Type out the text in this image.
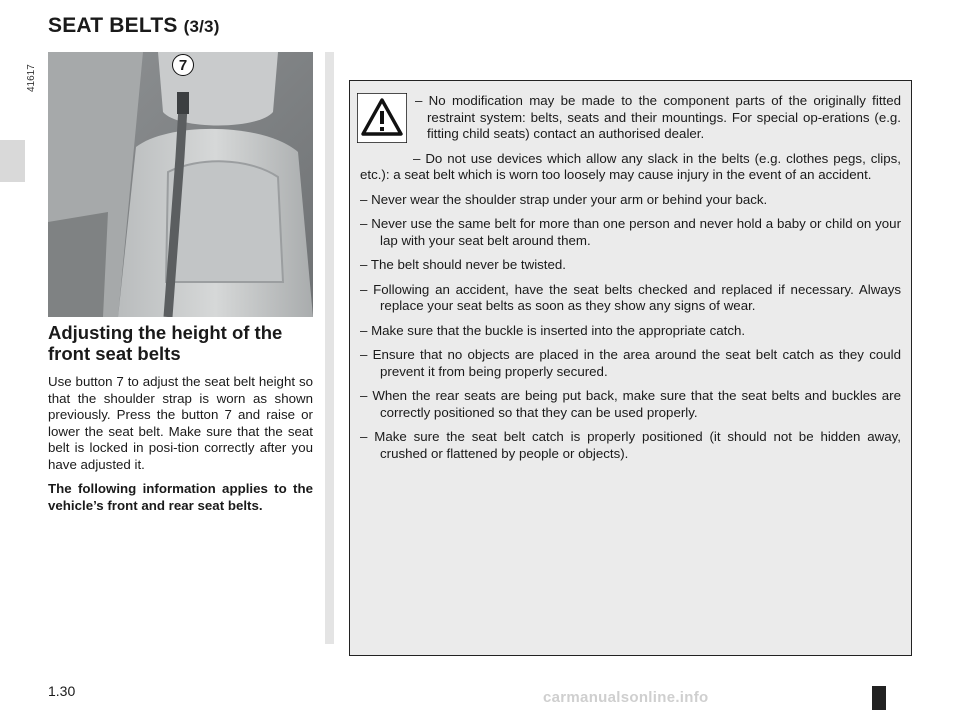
SEAT BELTS (3/3)
41617	7
Adjusting the height of the front seat belts
Use button 7 to adjust the seat belt height so that the shoulder strap is worn as shown previously. Press the button 7 and raise or lower the seat belt. Make sure that the seat belt is locked in posi-tion correctly after you have adjusted it.
The following information applies to the vehicle’s front and rear seat belts.
– No modification may be made to the component parts of the originally fitted restraint system: belts, seats and their mountings. For special op-erations (e.g. fitting child seats) contact an authorised dealer.
– Do not use devices which allow any slack in the belts (e.g. clothes pegs, clips, etc.): a seat belt which is worn too loosely may cause injury in the event of an accident.
– Never wear the shoulder strap under your arm or behind your back.
– Never use the same belt for more than one person and never hold a baby or child on your lap with your seat belt around them.
– The belt should never be twisted.
– Following an accident, have the seat belts checked and replaced if necessary. Always replace your seat belts as soon as they show any signs of wear.
– Make sure that the buckle is inserted into the appropriate catch.
– Ensure that no objects are placed in the area around the seat belt catch as they could prevent it from being properly secured.
– When the rear seats are being put back, make sure that the seat belts and buckles are correctly positioned so that they can be used properly.
– Make sure the seat belt catch is properly positioned (it should not be hidden away, crushed or flattened by people or objects).
1.30	carmanualsonline.info
